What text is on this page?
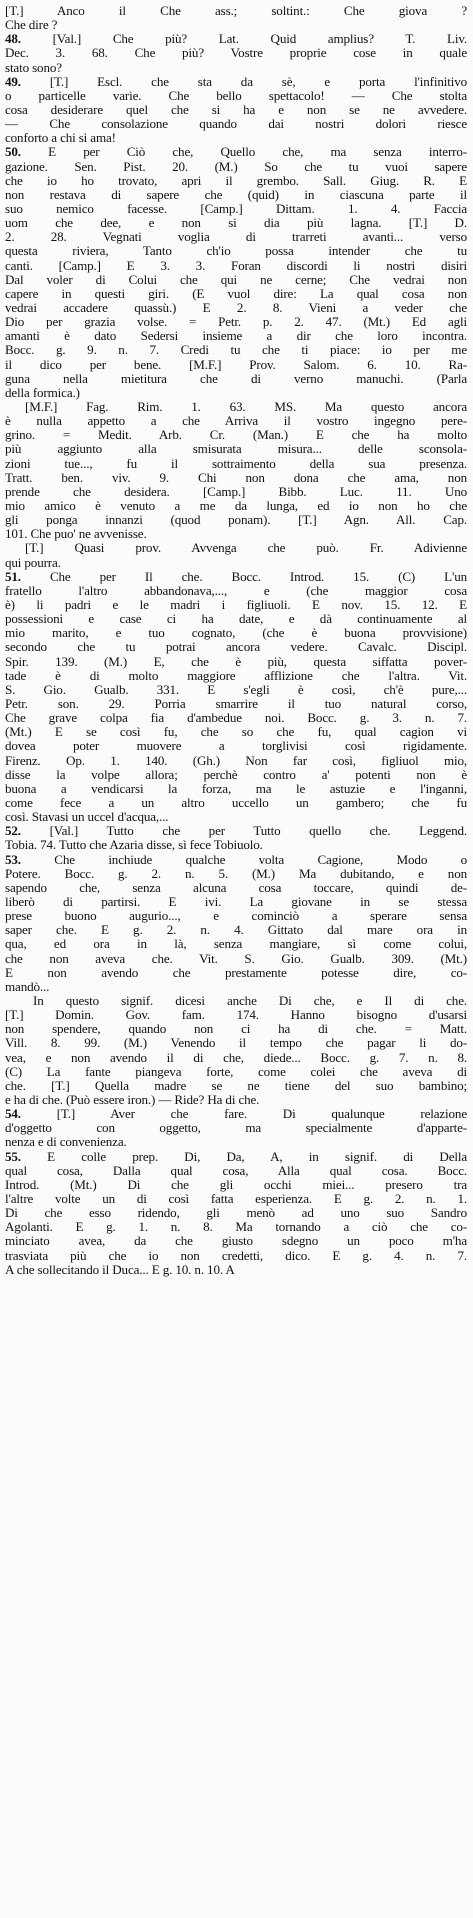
[T.] Anco il Che ass.; soltint.: Che giova ?
Che dire ?
48. [Val.] Che più? Lat. Quid amplius? T. Liv.
Dec. 3. 68. Che più? Vostre proprie cose in quale
stato sono?
49. [T.] Escl. che sta da sè, e porta l'infinitivo
o particelle varie. Che bello spettacolo! — Che stolta
cosa desiderare quel che si ha e non se ne avvedere.
— Che consolazione quando dai nostri dolori riesce
conforto a chi si ama!
50. E per Ciò che, Quello che, ma senza interro-
gazione. Sen. Pist. 20. (M.) So che tu vuoi sapere
che io ho trovato, apri il grembo. Sall. Giug. R. E
non restava di sapere che (quid) in ciascuna parte il
suo nemico facesse. [Camp.] Dittam. 1. 4. Faccia
uom che dee, e non si dia più lagna. [T.] D.
2. 28. Vegnati voglia di trarreti avanti... verso
questa riviera, Tanto ch'io possa intender che tu
canti. [Camp.] E 3. 3. Foran discordi li nostri disiri
Dal voler di Colui che qui ne cerne; Che vedrai non
capere in questi giri. (E vuol dire: La qual cosa non
vedrai accadere quassù.) E 2. 8. Vieni a veder che
Dio per grazia volse. = Petr. p. 2. 47. (Mt.) Ed agli
amanti è dato Sedersi insieme a dir che loro incontra.
Bocc. g. 9. n. 7. Credi tu che ti piace: io per me
il dico per bene. [M.F.] Prov. Salom. 6. 10. Ra-
guna nella mietitura che di verno manuchi. (Parla
della formica.)
[M.F.] Fag. Rim. 1. 63. MS. Ma questo ancora
è nulla appetto a che Arriva il vostro ingegno pere-
grino. = Medit. Arb. Cr. (Man.) E che ha molto
più aggiunto alla smisurata misura... delle sconsola-
zioni tue..., fu il sottraimento della sua presenza.
Tratt. ben. viv. 9. Chi non dona che ama, non
prende che desidera. [Camp.] Bibb. Luc. 11. Uno
mio amico è venuto a me da lunga, ed io non ho che
gli ponga innanzi (quod ponam). [T.] Agn. All. Cap.
101. Che puo' ne avvenisse.
[T.] Quasi prov. Avvenga che può. Fr. Adivienne
qui pourra.
51. Che per Il che. Bocc. Introd. 15. (C) L'un
fratello l'altro abbandonava,..., e (che maggior cosa
è) li padri e le madri i figliuoli. E nov. 15. 12. E
possessioni e case ci ha date, e dà continuamente al
mio marito, e tuo cognato, (che è buona provvisione)
secondo che tu potrai ancora vedere. Cavalc. Discipl.
Spir. 139. (M.) E, che è più, questa siffatta pover-
tade è di molto maggiore afflizione che l'altra. Vit.
S. Gio. Gualb. 331. E s'egli è così, ch'è pure,...
Petr. son. 29. Porria smarrire il tuo natural corso,
Che grave colpa fia d'ambedue noi. Bocc. g. 3. n. 7.
(Mt.) E se così fu, che so che fu, qual cagion vi
dovea poter muovere a torglivisi così rigidamente.
Firenz. Op. 1. 140. (Gh.) Non far così, figliuol mio,
disse la volpe allora; perchè contro a' potenti non è
buona a vendicarsi la forza, ma le astuzie e l'inganni,
come fece a un altro uccello un gambero; che fu
così. Stavasi un uccel d'acqua,...
52. [Val.] Tutto che per Tutto quello che. Leggend.
Tobia. 74. Tutto che Azaria disse, sì fece Tobiuolo.
53. Che inchiude qualche volta Cagione, Modo o
Potere. Bocc. g. 2. n. 5. (M.) Ma dubitando, e non
sapendo che, senza alcuna cosa toccare, quindi de-
liberò di partirsi. E ivi. La giovane in se stessa
prese buono augurio..., e cominciò a sperare sensa
saper che. E g. 2. n. 4. Gittato dal mare ora in
qua, ed ora in là, senza mangiare, sì come colui,
che non aveva che. Vit. S. Gio. Gualb. 309. (Mt.)
E non avendo che prestamente potesse dire, co-
mandò...
In questo signif. dicesi anche Di che, e Il di che.
[T.] Domin. Gov. fam. 174. Hanno bisogno d'usarsi
non spendere, quando non ci ha di che. = Matt.
Vill. 8. 99. (M.) Venendo il tempo che pagar li do-
vea, e non avendo il di che, diede... Bocc. g. 7. n. 8.
(C) La fante piangeva forte, come colei che aveva di
che. [T.] Quella madre se ne tiene del suo bambino;
e ha di che. (Può essere iron.) — Ride? Ha di che.
54. [T.] Aver che fare. Di qualunque relazione
d'oggetto con oggetto, ma specialmente d'apparte-
nenza e di convenienza.
55. E colle prep. Di, Da, A, in signif. di Della
qual cosa, Dalla qual cosa, Alla qual cosa. Bocc.
Introd. (Mt.) Di che gli occhi miei... presero tra
l'altre volte un di così fatta esperienza. E g. 2. n. 1.
Di che esso ridendo, gli menò ad uno suo Sandro
Agolanti. E g. 1. n. 8. Ma tornando a ciò che co-
minciato avea, da che giusto sdegno un poco m'ha
trasviata più che io non credetti, dico. E g. 4. n. 7.
A che sollecitando il Duca... E g. 10. n. 10. A
